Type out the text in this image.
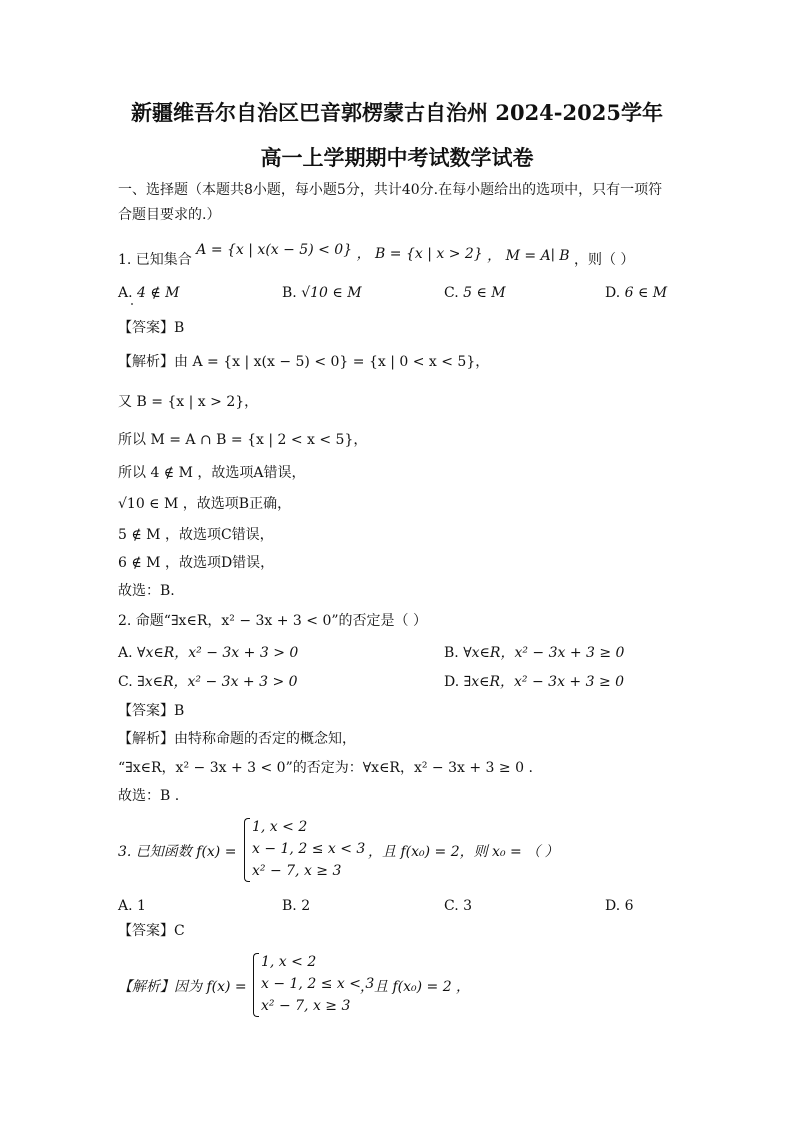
新疆维吾尔自治区巴音郭楞蒙古自治州 2024-2025学年
高一上学期期中考试数学试卷
一、选择题（本题共8小题，每小题5分，共计40分.在每小题给出的选项中，只有一项符
合题目要求的.）
1. 已知集合 A = {x | x(x − 5) < 0} ， B = {x | x > 2} ， M = A∣ B ，则（ ）
A. 4 ∉ M	B. √10 ∈ M	C. 5 ∈ M	D. 6 ∈ M
【答案】B
【解析】由 A = {x | x(x − 5) < 0} = {x | 0 < x < 5}，
又 B = {x | x > 2}，
所以 M = A ∩ B = {x | 2 < x < 5}，
所以 4 ∉ M ，故选项A错误，
√10 ∈ M ，故选项B正确，
5 ∉ M ，故选项C错误，
6 ∉ M ，故选项D错误，
故选：B.
2. 命题“∃x∈R，x² − 3x + 3 < 0”的否定是（ ）
A. ∀x∈R，x² − 3x + 3 > 0	B. ∀x∈R，x² − 3x + 3 ≥ 0
C. ∃x∈R，x² − 3x + 3 > 0	D. ∃x∈R，x² − 3x + 3 ≥ 0
【答案】B
【解析】由特称命题的否定的概念知，
“∃x∈R，x² − 3x + 3 < 0”的否定为：∀x∈R，x² − 3x + 3 ≥ 0 .
故选：B .
3. 已知函数 f(x) =
1, x < 2
x − 1, 2 ≤ x < 3
x² − 7, x ≥ 3
，且 f(x₀) = 2，则 x₀ = （ ）
A. 1	B. 2	C. 3	D. 6
【答案】C
【解析】因为 f(x) =
1, x < 2
x − 1, 2 ≤ x < 3
x² − 7, x ≥ 3
，且 f(x₀) = 2 ，
